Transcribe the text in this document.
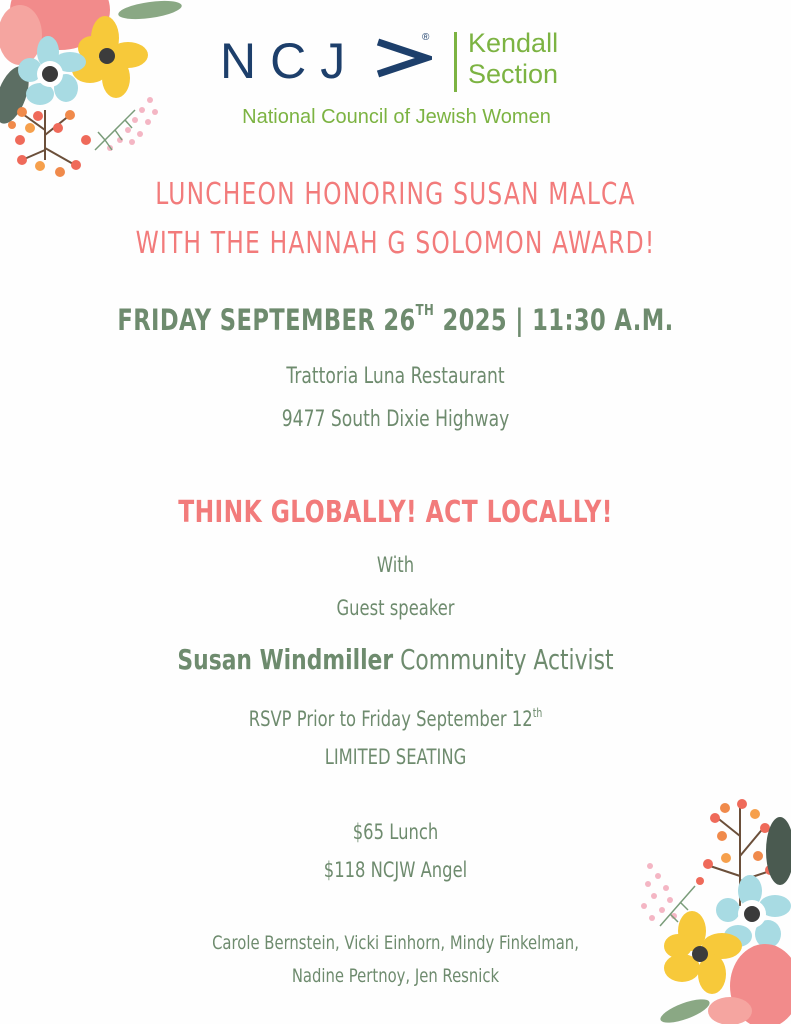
NCJ	® Kendall
Section
National Council of Jewish Women
LUNCHEON HONORING SUSAN MALCA
WITH THE HANNAH G SOLOMON AWARD!
FRIDAY SEPTEMBER 26TH 2025 | 11:30 A.M.
Trattoria Luna Restaurant
9477 South Dixie Highway
THINK GLOBALLY! ACT LOCALLY!
With
Guest speaker
Susan Windmiller Community Activist
RSVP Prior to Friday September 12th
LIMITED SEATING
$65 Lunch
$118 NCJW Angel
Carole Bernstein, Vicki Einhorn, Mindy Finkelman,
Nadine Pertnoy, Jen Resnick
